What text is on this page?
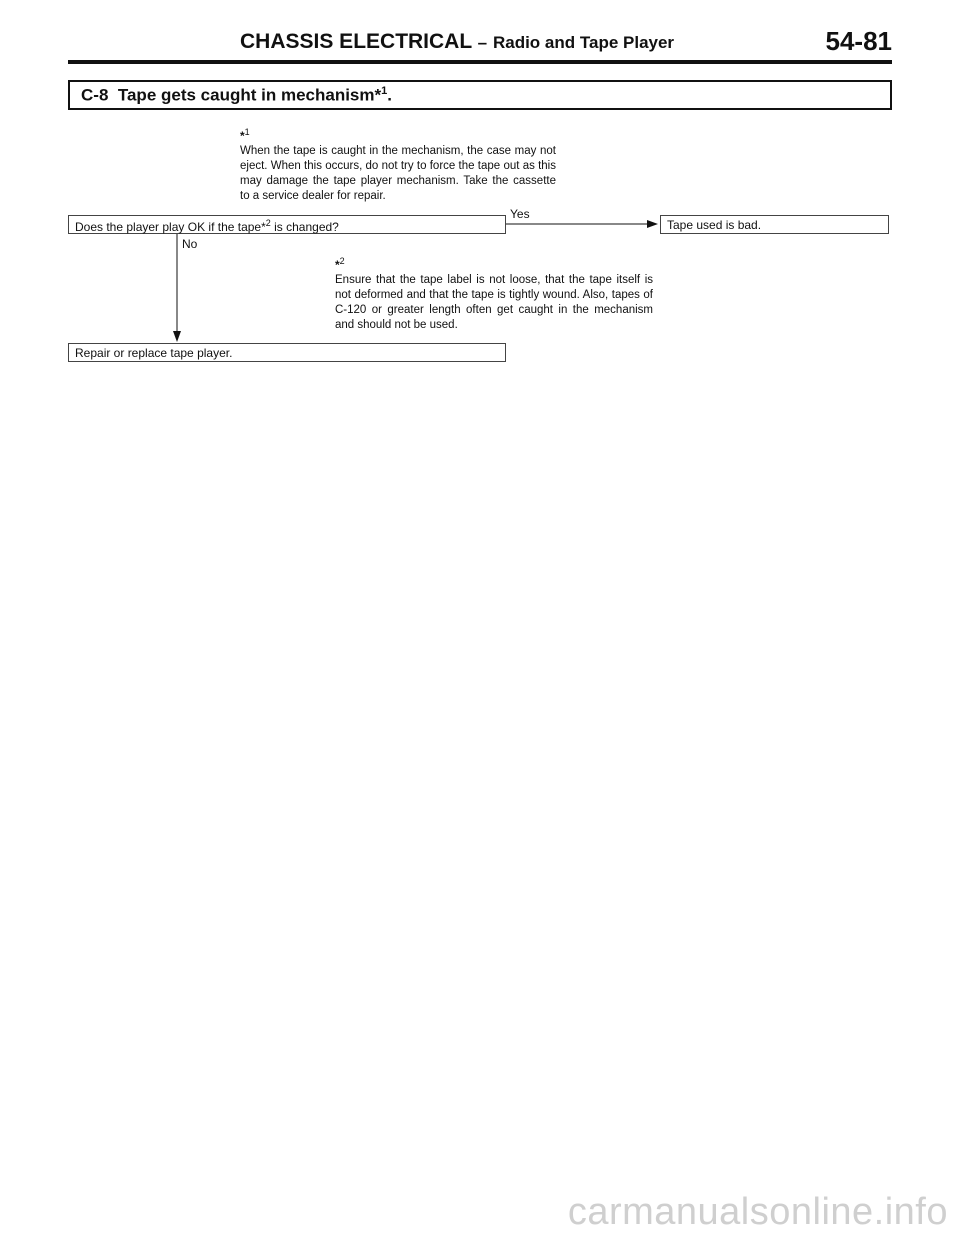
CHASSIS ELECTRICAL – Radio and Tape Player	54-81
C-8 Tape gets caught in mechanism*$^1$.
*$^1$
When the tape is caught in the mechanism, the case may not eject. When this occurs, do not try to force the tape out as this may damage the tape player mechanism. Take the cassette to a service dealer for repair.
Does the player play OK if the tape*$^2$ is changed?
Yes
Tape used is bad.
No
*$^2$
Ensure that the tape label is not loose, that the tape itself is not deformed and that the tape is tightly wound. Also, tapes of C-120 or greater length often get caught in the mechanism and should not be used.
Repair or replace tape player.
carmanualsonline.info
